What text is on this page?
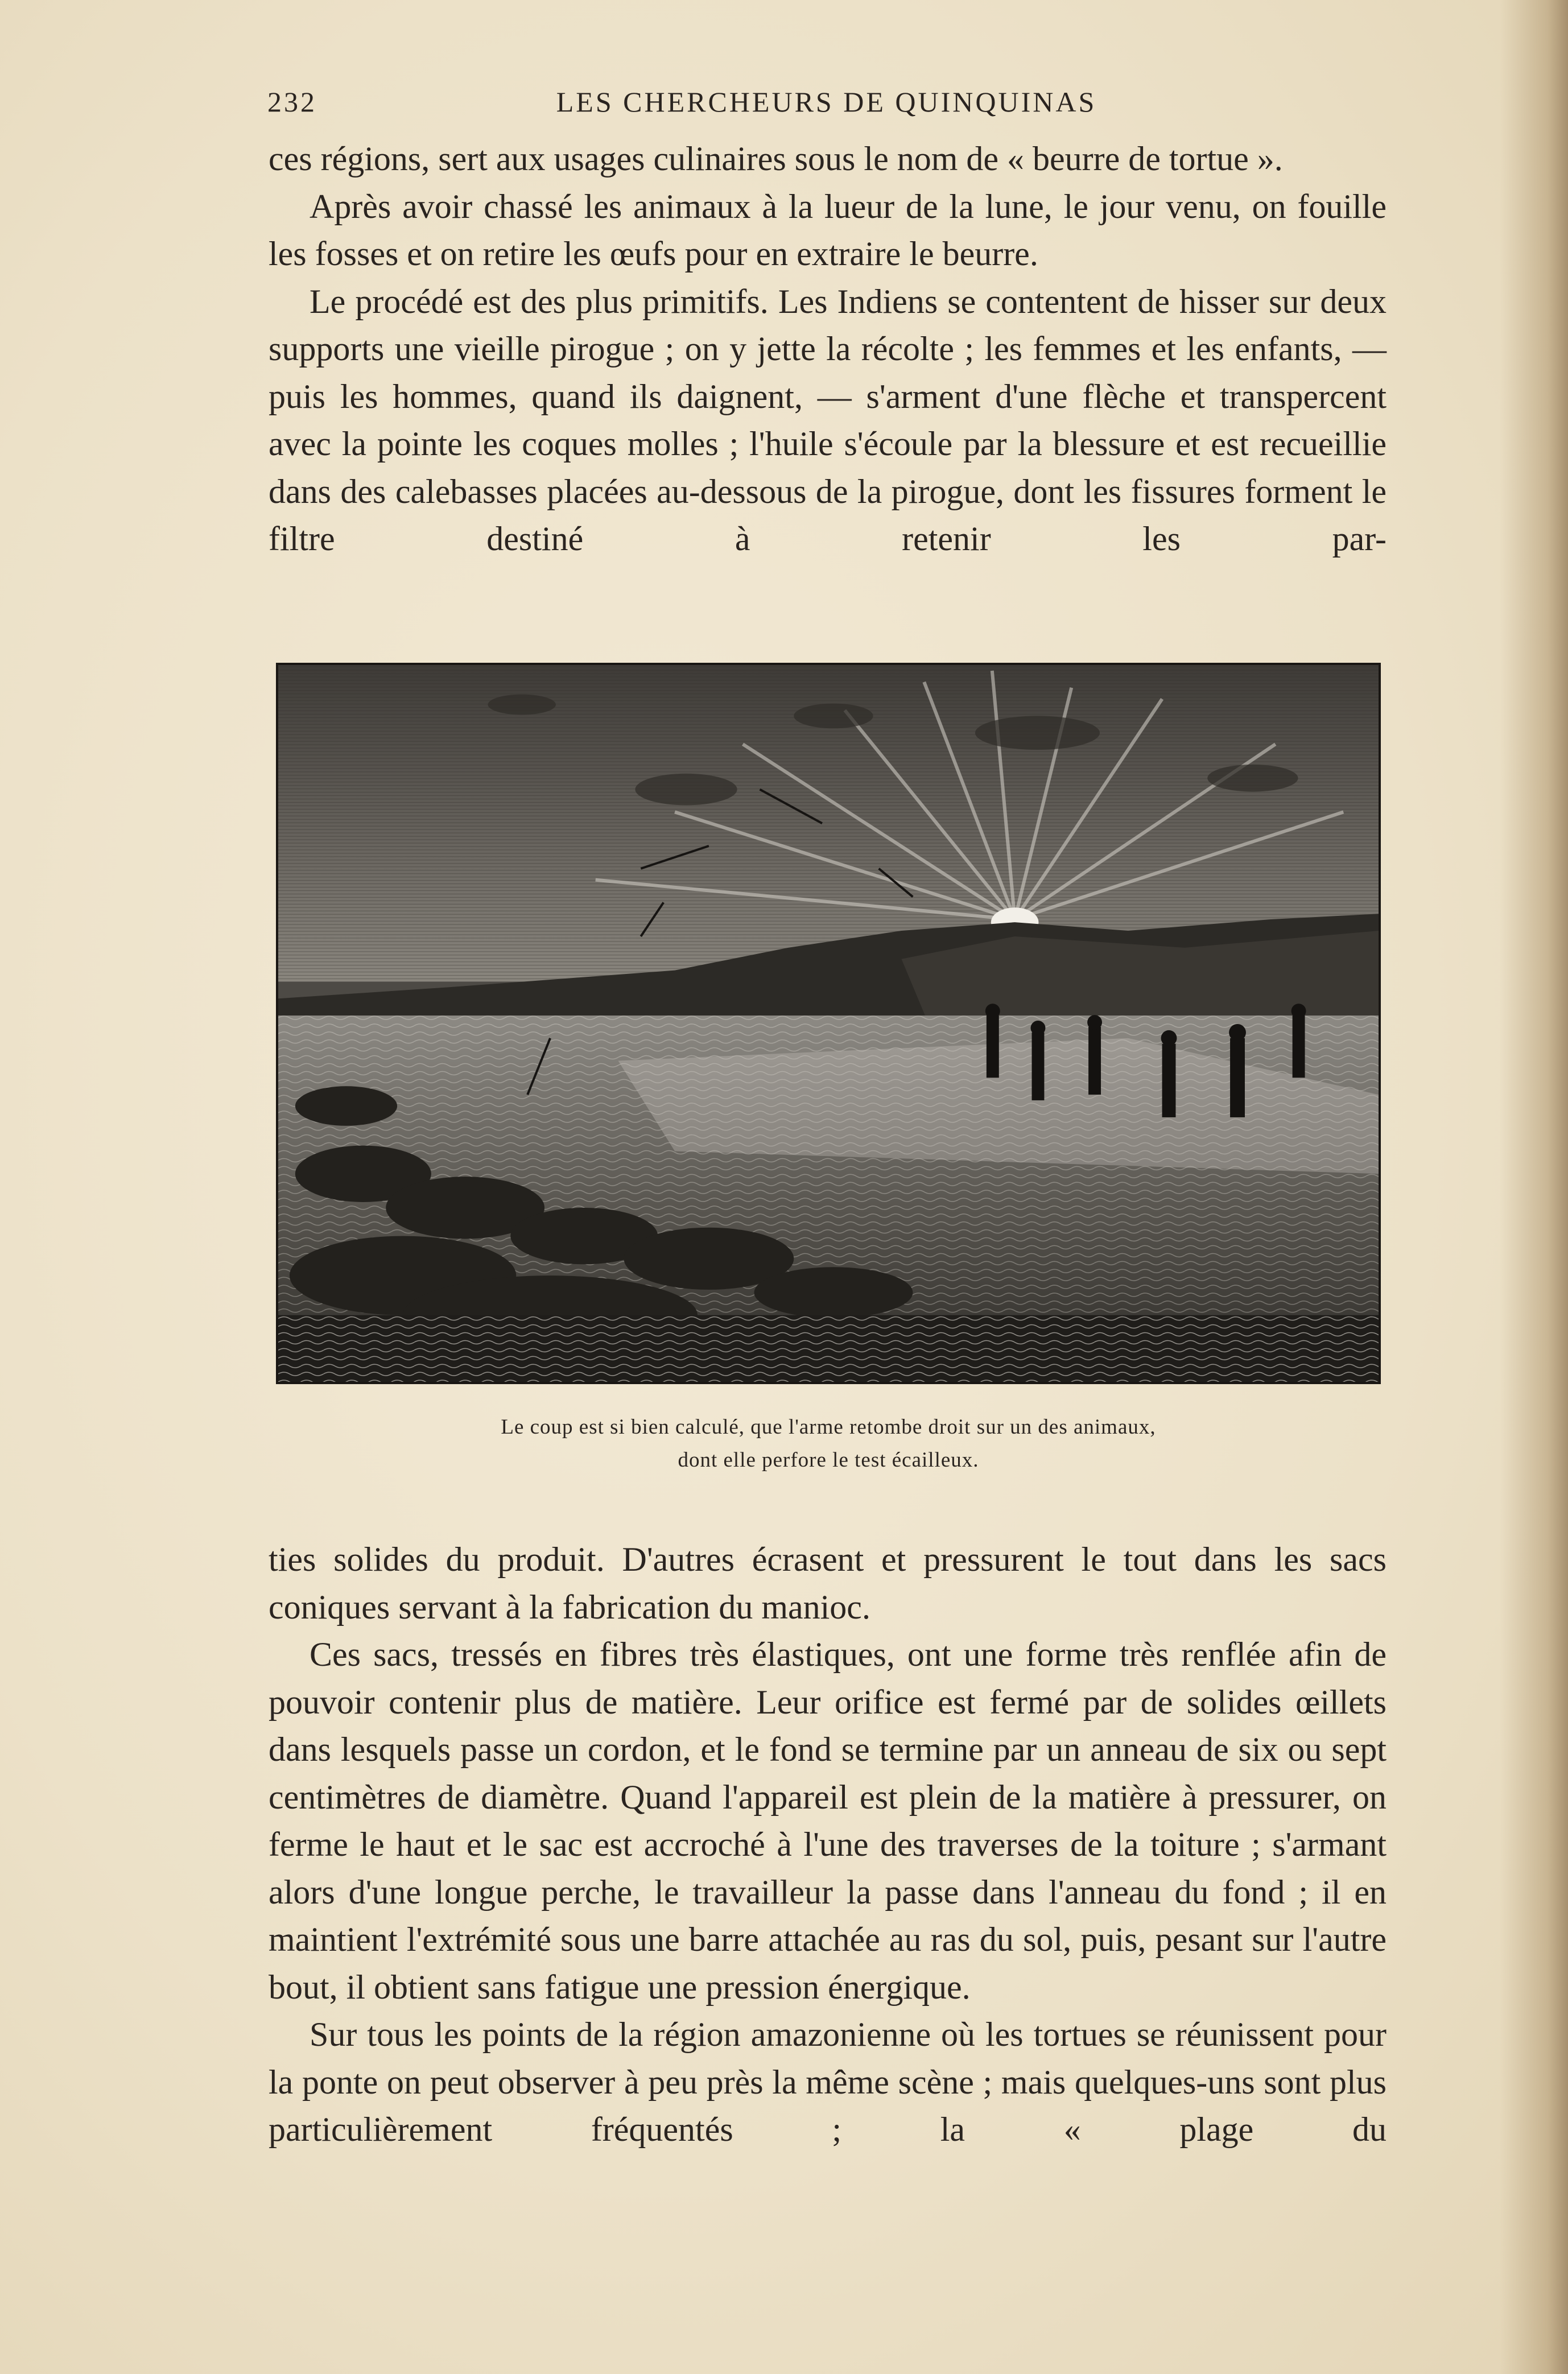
232	LES CHERCHEURS DE QUINQUINAS

ces régions, sert aux usages culinaires sous le nom de « beurre de tortue ».

Après avoir chassé les animaux à la lueur de la lune, le jour venu, on fouille les fosses et on retire les œufs pour en extraire le beurre.

Le procédé est des plus primitifs. Les Indiens se contentent de hisser sur deux supports une vieille pirogue ; on y jette la récolte ; les femmes et les enfants, — puis les hommes, quand ils daignent, — s'arment d'une flèche et transpercent avec la pointe les coques molles ; l'huile s'écoule par la blessure et est recueillie dans des calebasses placées au-dessous de la pirogue, dont les fissures forment le filtre destiné à retenir les par-

Le coup est si bien calculé, que l'arme retombe droit sur un des animaux,
dont elle perfore le test écailleux.

ties solides du produit. D'autres écrasent et pressurent le tout dans les sacs coniques servant à la fabrication du manioc.

Ces sacs, tressés en fibres très élastiques, ont une forme très renflée afin de pouvoir contenir plus de matière. Leur orifice est fermé par de solides œillets dans lesquels passe un cordon, et le fond se termine par un anneau de six ou sept centimètres de diamètre. Quand l'appareil est plein de la matière à pressurer, on ferme le haut et le sac est accroché à l'une des traverses de la toiture ; s'armant alors d'une longue perche, le travailleur la passe dans l'anneau du fond ; il en maintient l'extrémité sous une barre attachée au ras du sol, puis, pesant sur l'autre bout, il obtient sans fatigue une pression énergique.

Sur tous les points de la région amazonienne où les tortues se réunissent pour la ponte on peut observer à peu près la même scène ; mais quelques-uns sont plus particulièrement fréquentés ; la « plage du
